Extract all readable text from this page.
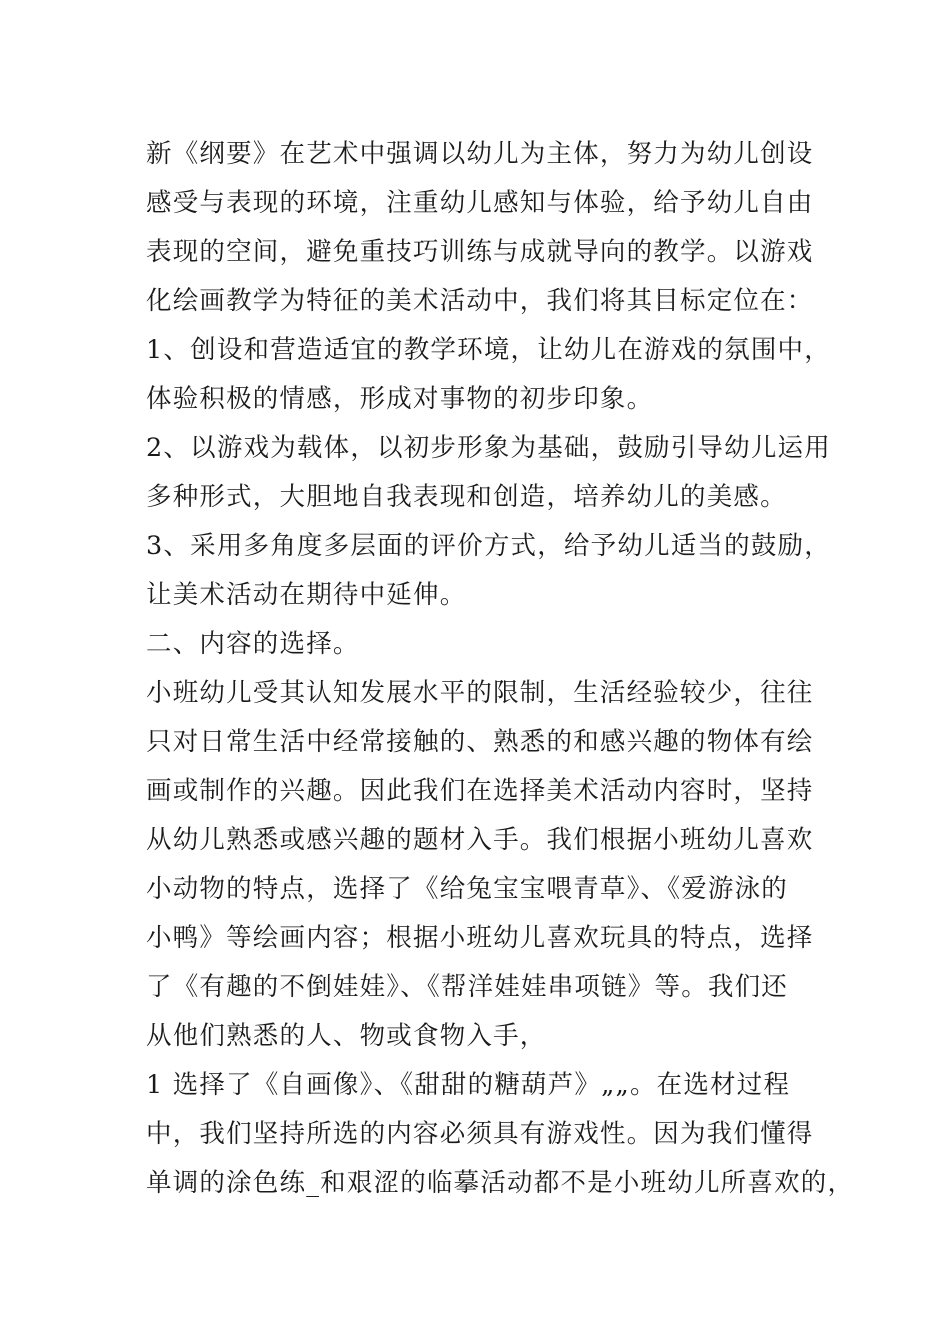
新《纲要》在艺术中强调以幼儿为主体，努力为幼儿创设
感受与表现的环境，注重幼儿感知与体验，给予幼儿自由
表现的空间，避免重技巧训练与成就导向的教学。以游戏
化绘画教学为特征的美术活动中，我们将其目标定位在：
1、创设和营造适宜的教学环境，让幼儿在游戏的氛围中，
体验积极的情感，形成对事物的初步印象。
2、以游戏为载体，以初步形象为基础，鼓励引导幼儿运用
多种形式，大胆地自我表现和创造，培养幼儿的美感。
3、采用多角度多层面的评价方式，给予幼儿适当的鼓励，
让美术活动在期待中延伸。
二、内容的选择。
小班幼儿受其认知发展水平的限制，生活经验较少，往往
只对日常生活中经常接触的、熟悉的和感兴趣的物体有绘
画或制作的兴趣。因此我们在选择美术活动内容时，坚持
从幼儿熟悉或感兴趣的题材入手。我们根据小班幼儿喜欢
小动物的特点，选择了《给兔宝宝喂青草》、《爱游泳的
小鸭》等绘画内容；根据小班幼儿喜欢玩具的特点，选择
了《有趣的不倒娃娃》、《帮洋娃娃串项链》等。我们还
从他们熟悉的人、物或食物入手，
1 选择了《自画像》、《甜甜的糖葫芦》„„。在选材过程
中，我们坚持所选的内容必须具有游戏性。因为我们懂得
单调的涂色练_和艰涩的临摹活动都不是小班幼儿所喜欢的，
